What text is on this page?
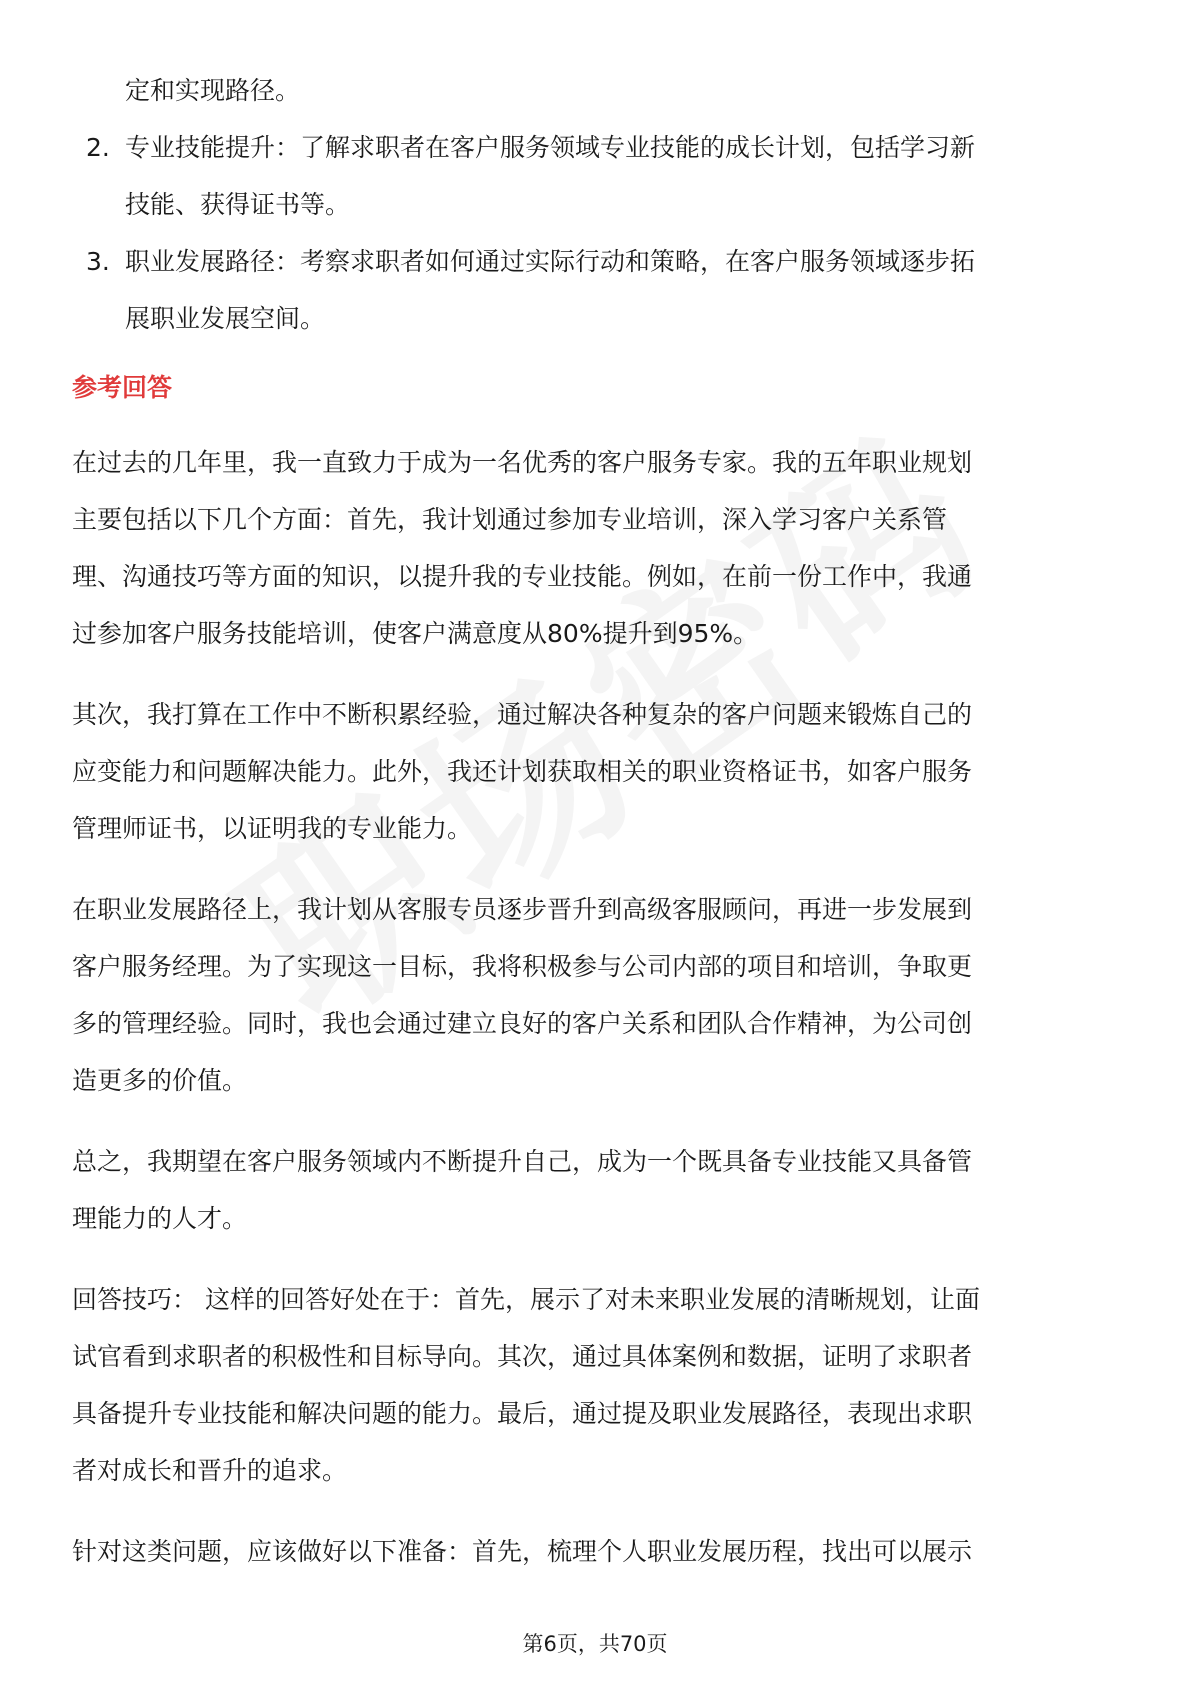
定和实现路径。
2. 专业技能提升：了解求职者在客户服务领域专业技能的成长计划，包括学习新
技能、获得证书等。
3. 职业发展路径：考察求职者如何通过实际行动和策略，在客户服务领域逐步拓
展职业发展空间。
参考回答
在过去的几年里，我一直致力于成为一名优秀的客户服务专家。我的五年职业规划
主要包括以下几个方面：首先，我计划通过参加专业培训，深入学习客户关系管
理、沟通技巧等方面的知识，以提升我的专业技能。例如，在前一份工作中，我通
过参加客户服务技能培训，使客户满意度从80%提升到95%。
其次，我打算在工作中不断积累经验，通过解决各种复杂的客户问题来锻炼自己的
应变能力和问题解决能力。此外，我还计划获取相关的职业资格证书，如客户服务
管理师证书，以证明我的专业能力。
在职业发展路径上，我计划从客服专员逐步晋升到高级客服顾问，再进一步发展到
客户服务经理。为了实现这一目标，我将积极参与公司内部的项目和培训，争取更
多的管理经验。同时，我也会通过建立良好的客户关系和团队合作精神，为公司创
造更多的价值。
总之，我期望在客户服务领域内不断提升自己，成为一个既具备专业技能又具备管
理能力的人才。
回答技巧： 这样的回答好处在于：首先，展示了对未来职业发展的清晰规划，让面
试官看到求职者的积极性和目标导向。其次，通过具体案例和数据，证明了求职者
具备提升专业技能和解决问题的能力。最后，通过提及职业发展路径，表现出求职
者对成长和晋升的追求。
针对这类问题，应该做好以下准备：首先，梳理个人职业发展历程，找出可以展示
第6页，共70页
